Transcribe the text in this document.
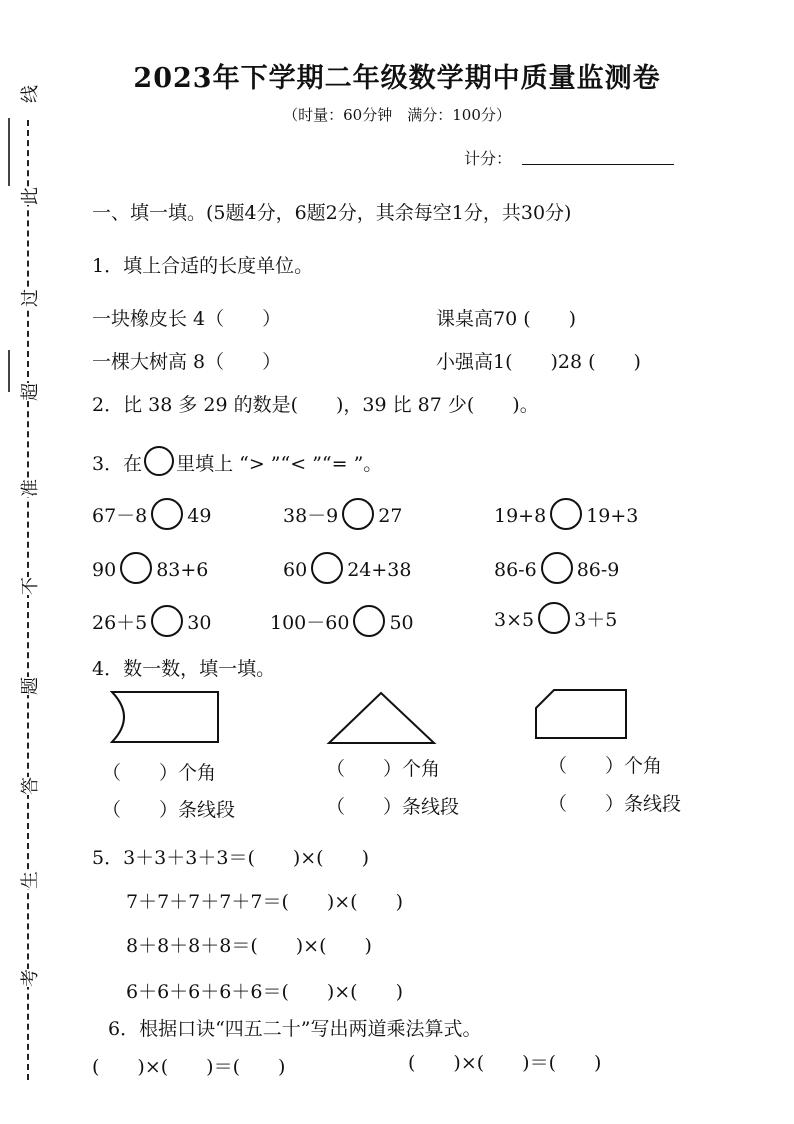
线
此
过
超
准
不
题
答
生
考
2023年下学期二年级数学期中质量监测卷
（时量：60分钟　满分：100分）
计分：
一、填一填。(5题4分，6题2分，其余每空1分，共30分)
1．填上合适的长度单位。
一块橡皮长 4（　　）	课桌高70 (　　)
一棵大树高 8（　　）	小强高1(　　)28 (　　)
2．比 38 多 29 的数是(　　)，39 比 87 少(　　)。
3．在 里填上 “> ”“< ”“= ”。
67－8 49	38－9 27	19+8 19+3
90 83+6	60 24+38	86-6 86-9
26＋5 30	100－60 50	3×5 3＋5
4．数一数，填一填。
（　　）个角	（　　）个角	（　　）个角
（　　）条线段	（　　）条线段	（　　）条线段
5．3＋3＋3＋3＝(　　)×(　　)
7＋7＋7＋7＋7＝(　　)×(　　)
8＋8＋8＋8＝(　　)×(　　)
6＋6＋6＋6＋6＝(　　)×(　　)
6．根据口诀“四五二十”写出两道乘法算式。
(　　)×(　　)＝(　　)	(　　)×(　　)＝(　　)
